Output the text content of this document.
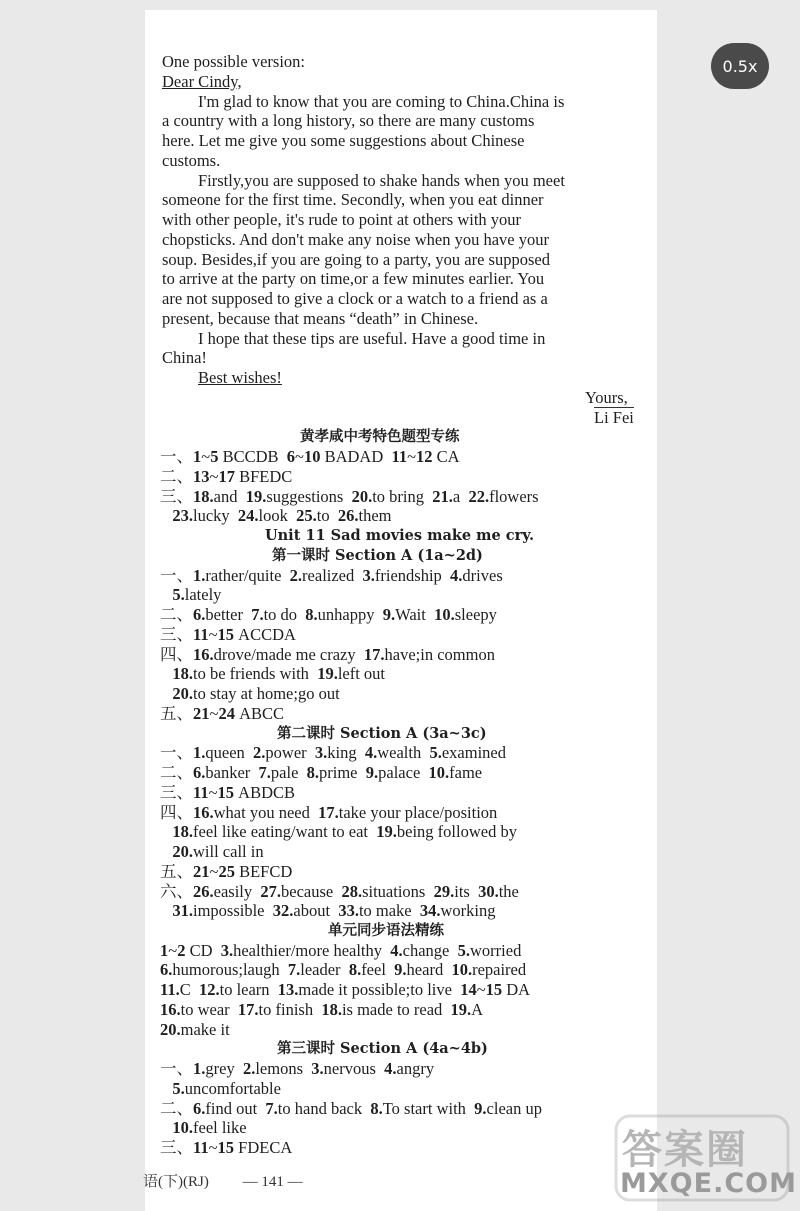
0.5x
One possible version:
Dear Cindy,
I'm glad to know that you are coming to China.China is
a country with a long history, so there are many customs
here. Let me give you some suggestions about Chinese
customs.
Firstly,you are supposed to shake hands when you meet
someone for the first time. Secondly, when you eat dinner
with other people, it's rude to point at others with your
chopsticks. And don't make any noise when you have your
soup. Besides,if you are going to a party, you are supposed
to arrive at the party on time,or a few minutes earlier. You
are not supposed to give a clock or a watch to a friend as a
present, because that means “death” in Chinese.
I hope that these tips are useful. Have a good time in
China!
Best wishes!
Yours,
Li Fei
黄孝咸中考特色题型专练
一、1~5 BCCDB  6~10 BADAD  11~12 CA
二、13~17 BFEDC
三、18.and  19.suggestions  20.to bring  21.a  22.flowers
23.lucky  24.look  25.to  26.them
Unit 11 Sad movies make me cry.
第一课时 Section A (1a~2d)
一、1.rather/quite  2.realized  3.friendship  4.drives
5.lately
二、6.better  7.to do  8.unhappy  9.Wait  10.sleepy
三、11~15 ACCDA
四、16.drove/made me crazy  17.have;in common
18.to be friends with  19.left out
20.to stay at home;go out
五、21~24 ABCC
第二课时 Section A (3a~3c)
一、1.queen  2.power  3.king  4.wealth  5.examined
二、6.banker  7.pale  8.prime  9.palace  10.fame
三、11~15 ABDCB
四、16.what you need  17.take your place/position
18.feel like eating/want to eat  19.being followed by
20.will call in
五、21~25 BEFCD
六、26.easily  27.because  28.situations  29.its  30.the
31.impossible  32.about  33.to make  34.working
单元同步语法精练
1~2 CD  3.healthier/more healthy  4.change  5.worried
6.humorous;laugh  7.leader  8.feel  9.heard  10.repaired
11.C  12.to learn  13.made it possible;to live  14~15 DA
16.to wear  17.to finish  18.is made to read  19.A
20.make it
第三课时 Section A (4a~4b)
一、1.grey  2.lemons  3.nervous  4.angry
5.uncomfortable
二、6.find out  7.to hand back  8.To start with  9.clean up
10.feel like
三、11~15 FDECA
语(下)(RJ) — 141 —
答案圈
MXQE.COM
